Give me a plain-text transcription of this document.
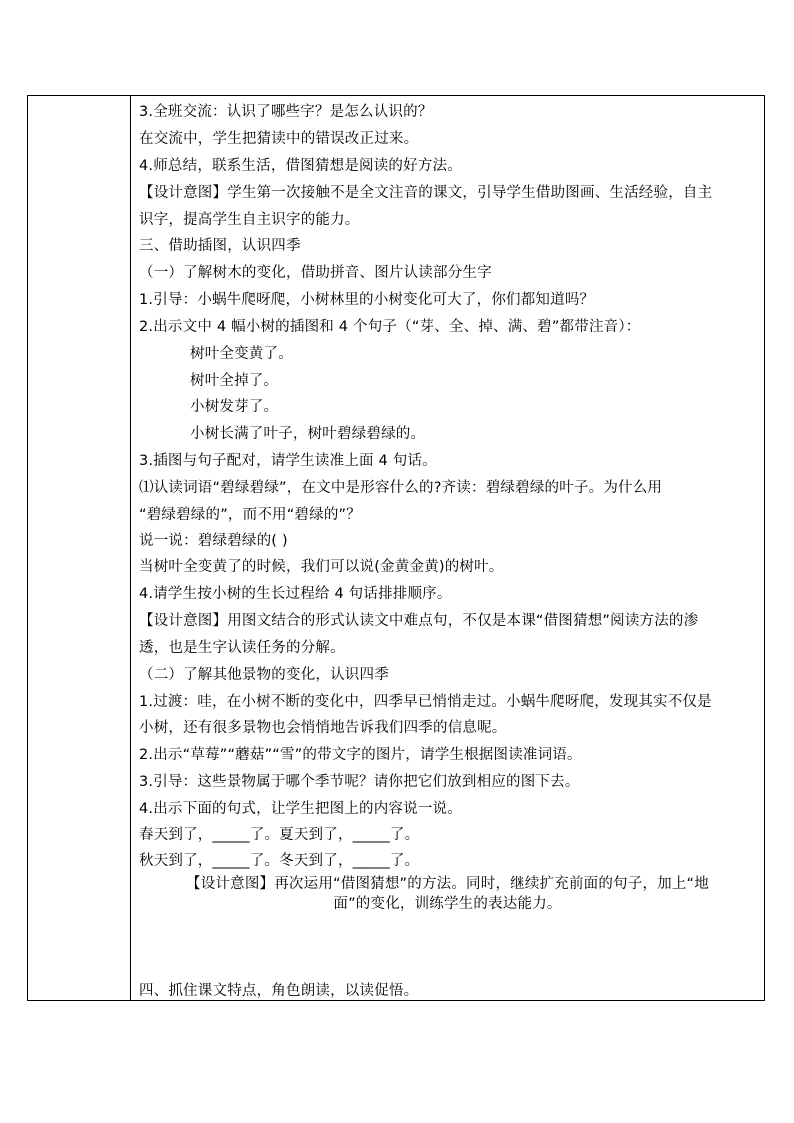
3.全班交流：认识了哪些字？是怎么认识的？
在交流中，学生把猜读中的错误改正过来。
4.师总结，联系生活，借图猜想是阅读的好方法。
【设计意图】学生第一次接触不是全文注音的课文，引导学生借助图画、生活经验，自主
识字，提高学生自主识字的能力。
三、借助插图，认识四季
（一）了解树木的变化，借助拼音、图片认读部分生字
1.引导：小蜗牛爬呀爬，小树林里的小树变化可大了，你们都知道吗？
2.出示文中 4 幅小树的插图和 4 个句子（“芽、全、掉、满、碧”都带注音）：
树叶全变黄了。
树叶全掉了。
小树发芽了。
小树长满了叶子，树叶碧绿碧绿的。
3.插图与句子配对，请学生读准上面 4 句话。
⑴认读词语“碧绿碧绿”，在文中是形容什么的?齐读：碧绿碧绿的叶子。为什么用
“碧绿碧绿的”，而不用“碧绿的”？
说一说：碧绿碧绿的( )
当树叶全变黄了的时候，我们可以说(金黄金黄)的树叶。
4.请学生按小树的生长过程给 4 句话排排顺序。
【设计意图】用图文结合的形式认读文中难点句，不仅是本课“借图猜想”阅读方法的渗
透，也是生字认读任务的分解。
（二）了解其他景物的变化，认识四季
1.过渡：哇，在小树不断的变化中，四季早已悄悄走过。小蜗牛爬呀爬，发现其实不仅是
小树，还有很多景物也会悄悄地告诉我们四季的信息呢。
2.出示“草莓”“蘑菇”“雪”的带文字的图片，请学生根据图读准词语。
3.引导：这些景物属于哪个季节呢？请你把它们放到相应的图下去。
4.出示下面的句式，让学生把图上的内容说一说。
春天到了，_____了。夏天到了，_____了。
秋天到了，_____了。冬天到了，_____了。
【设计意图】再次运用“借图猜想”的方法。同时，继续扩充前面的句子，加上“地
面”的变化，训练学生的表达能力。
四、抓住课文特点，角色朗读，以读促悟。
